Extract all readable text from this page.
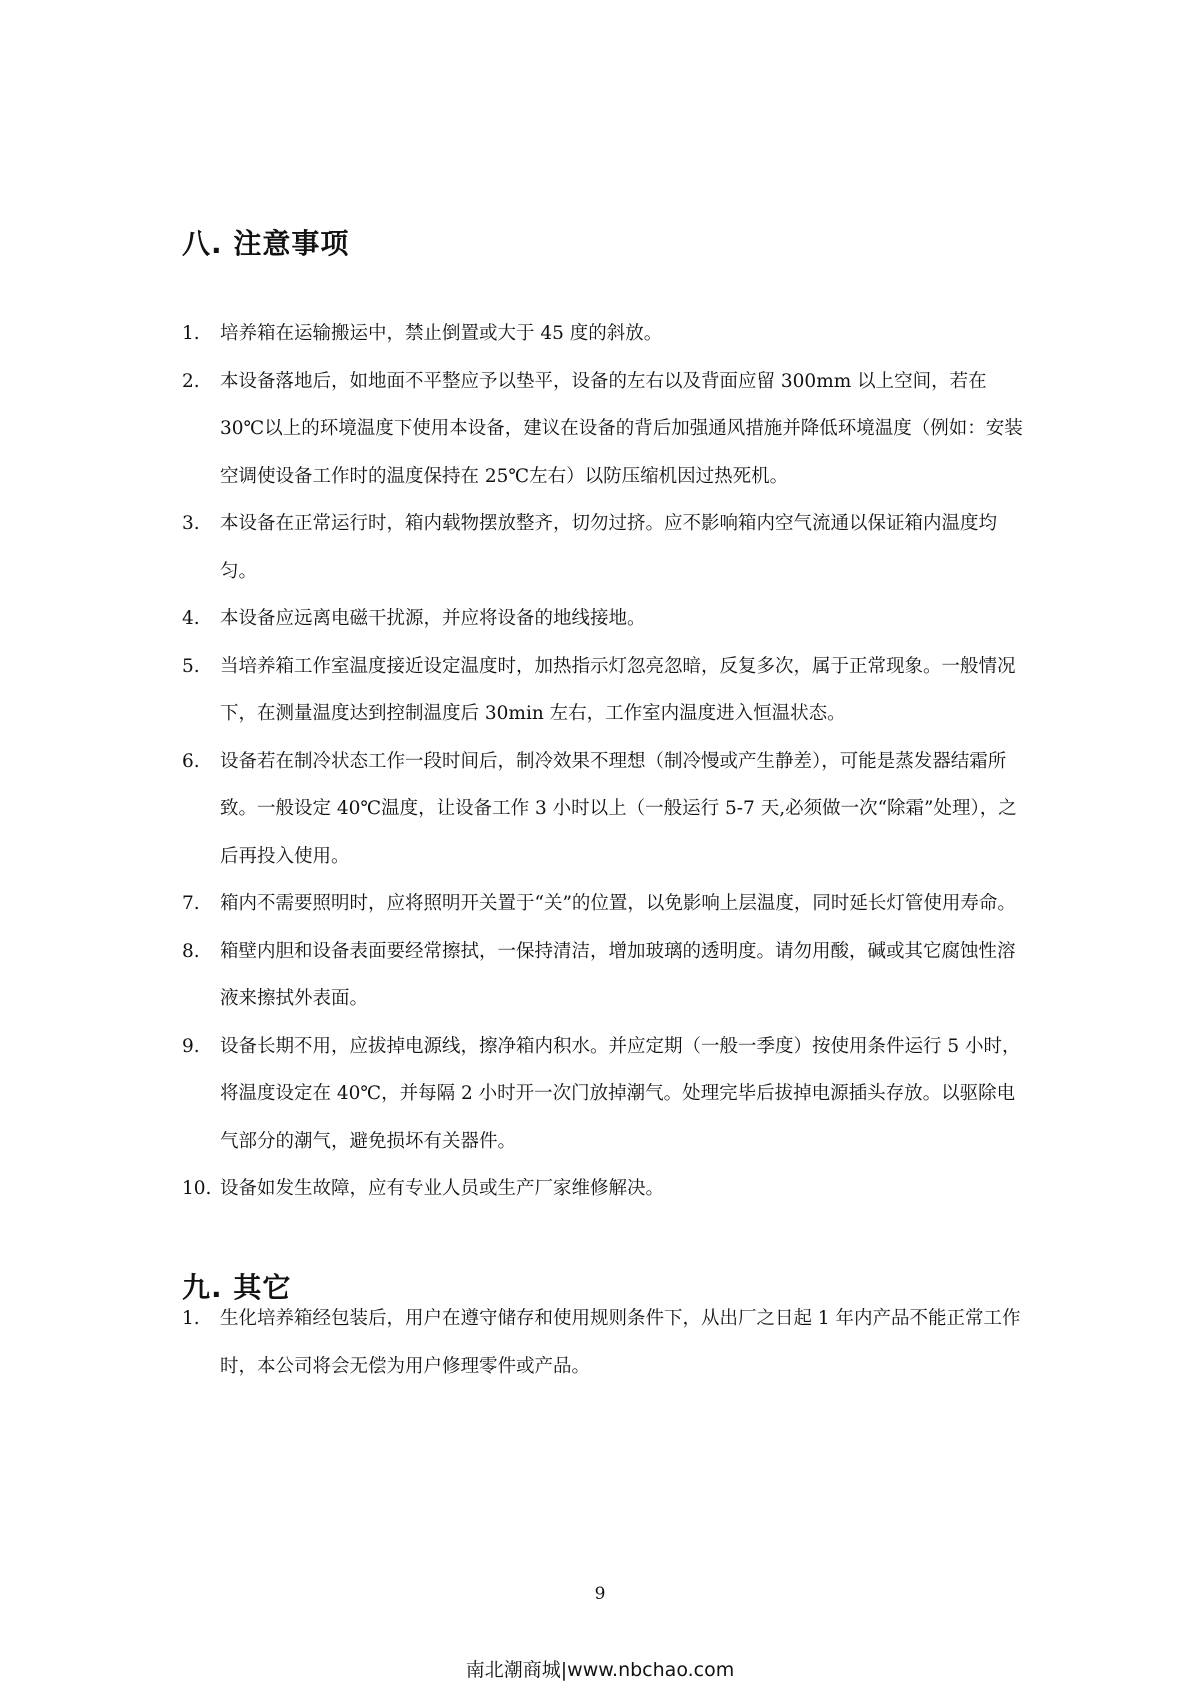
八. 注意事项
1. 培养箱在运输搬运中，禁止倒置或大于 45 度的斜放。
2. 本设备落地后，如地面不平整应予以垫平，设备的左右以及背面应留 300mm 以上空间，若在 30℃以上的环境温度下使用本设备，建议在设备的背后加强通风措施并降低环境温度（例如：安装空调使设备工作时的温度保持在 25℃左右）以防压缩机因过热死机。
3. 本设备在正常运行时，箱内载物摆放整齐，切勿过挤。应不影响箱内空气流通以保证箱内温度均匀。
4. 本设备应远离电磁干扰源，并应将设备的地线接地。
5. 当培养箱工作室温度接近设定温度时，加热指示灯忽亮忽暗，反复多次，属于正常现象。一般情况下，在测量温度达到控制温度后 30min 左右，工作室内温度进入恒温状态。
6. 设备若在制冷状态工作一段时间后，制冷效果不理想（制冷慢或产生静差），可能是蒸发器结霜所致。一般设定 40℃温度，让设备工作 3 小时以上（一般运行 5-7 天,必须做一次“除霜”处理），之后再投入使用。
7. 箱内不需要照明时，应将照明开关置于“关”的位置，以免影响上层温度，同时延长灯管使用寿命。
8. 箱壁内胆和设备表面要经常擦拭，一保持清洁，增加玻璃的透明度。请勿用酸，碱或其它腐蚀性溶液来擦拭外表面。
9. 设备长期不用，应拔掉电源线，擦净箱内积水。并应定期（一般一季度）按使用条件运行 5 小时，将温度设定在 40℃，并每隔 2 小时开一次门放掉潮气。处理完毕后拔掉电源插头存放。以驱除电气部分的潮气，避免损坏有关器件。
10. 设备如发生故障，应有专业人员或生产厂家维修解决。
九. 其它
1. 生化培养箱经包装后，用户在遵守储存和使用规则条件下，从出厂之日起 1 年内产品不能正常工作时，本公司将会无偿为用户修理零件或产品。
9
南北潮商城|www.nbchao.com
